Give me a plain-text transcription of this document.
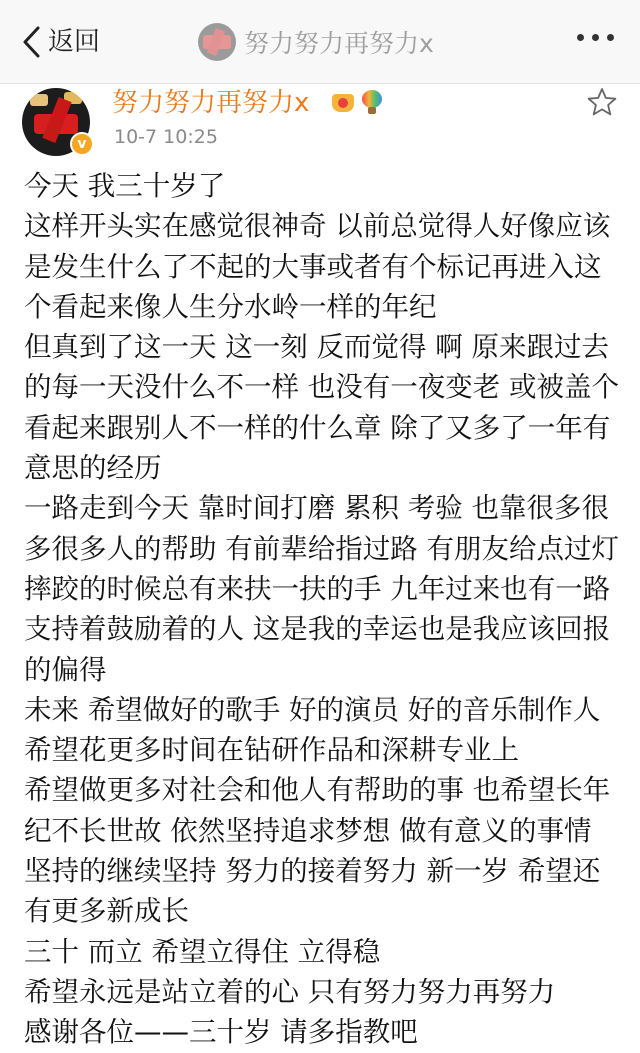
返回	努力努力再努力x
v
努力努力再努力x
10-7 10:25
今天 我三十岁了
这样开头实在感觉很神奇 以前总觉得人好像应该是发生什么了不起的大事或者有个标记再进入这个看起来像人生分水岭一样的年纪
但真到了这一天 这一刻 反而觉得 啊 原来跟过去的每一天没什么不一样 也没有一夜变老 或被盖个看起来跟别人不一样的什么章 除了又多了一年有意思的经历
一路走到今天 靠时间打磨 累积 考验 也靠很多很多很多人的帮助 有前辈给指过路 有朋友给点过灯 摔跤的时候总有来扶一扶的手 九年过来也有一路支持着鼓励着的人 这是我的幸运也是我应该回报的偏得
未来 希望做好的歌手 好的演员 好的音乐制作人 希望花更多时间在钻研作品和深耕专业上
希望做更多对社会和他人有帮助的事 也希望长年纪不长世故 依然坚持追求梦想 做有意义的事情 坚持的继续坚持 努力的接着努力 新一岁 希望还有更多新成长
三十 而立 希望立得住 立得稳
希望永远是站立着的心 只有努力努力再努力
感谢各位——三十岁 请多指教吧
